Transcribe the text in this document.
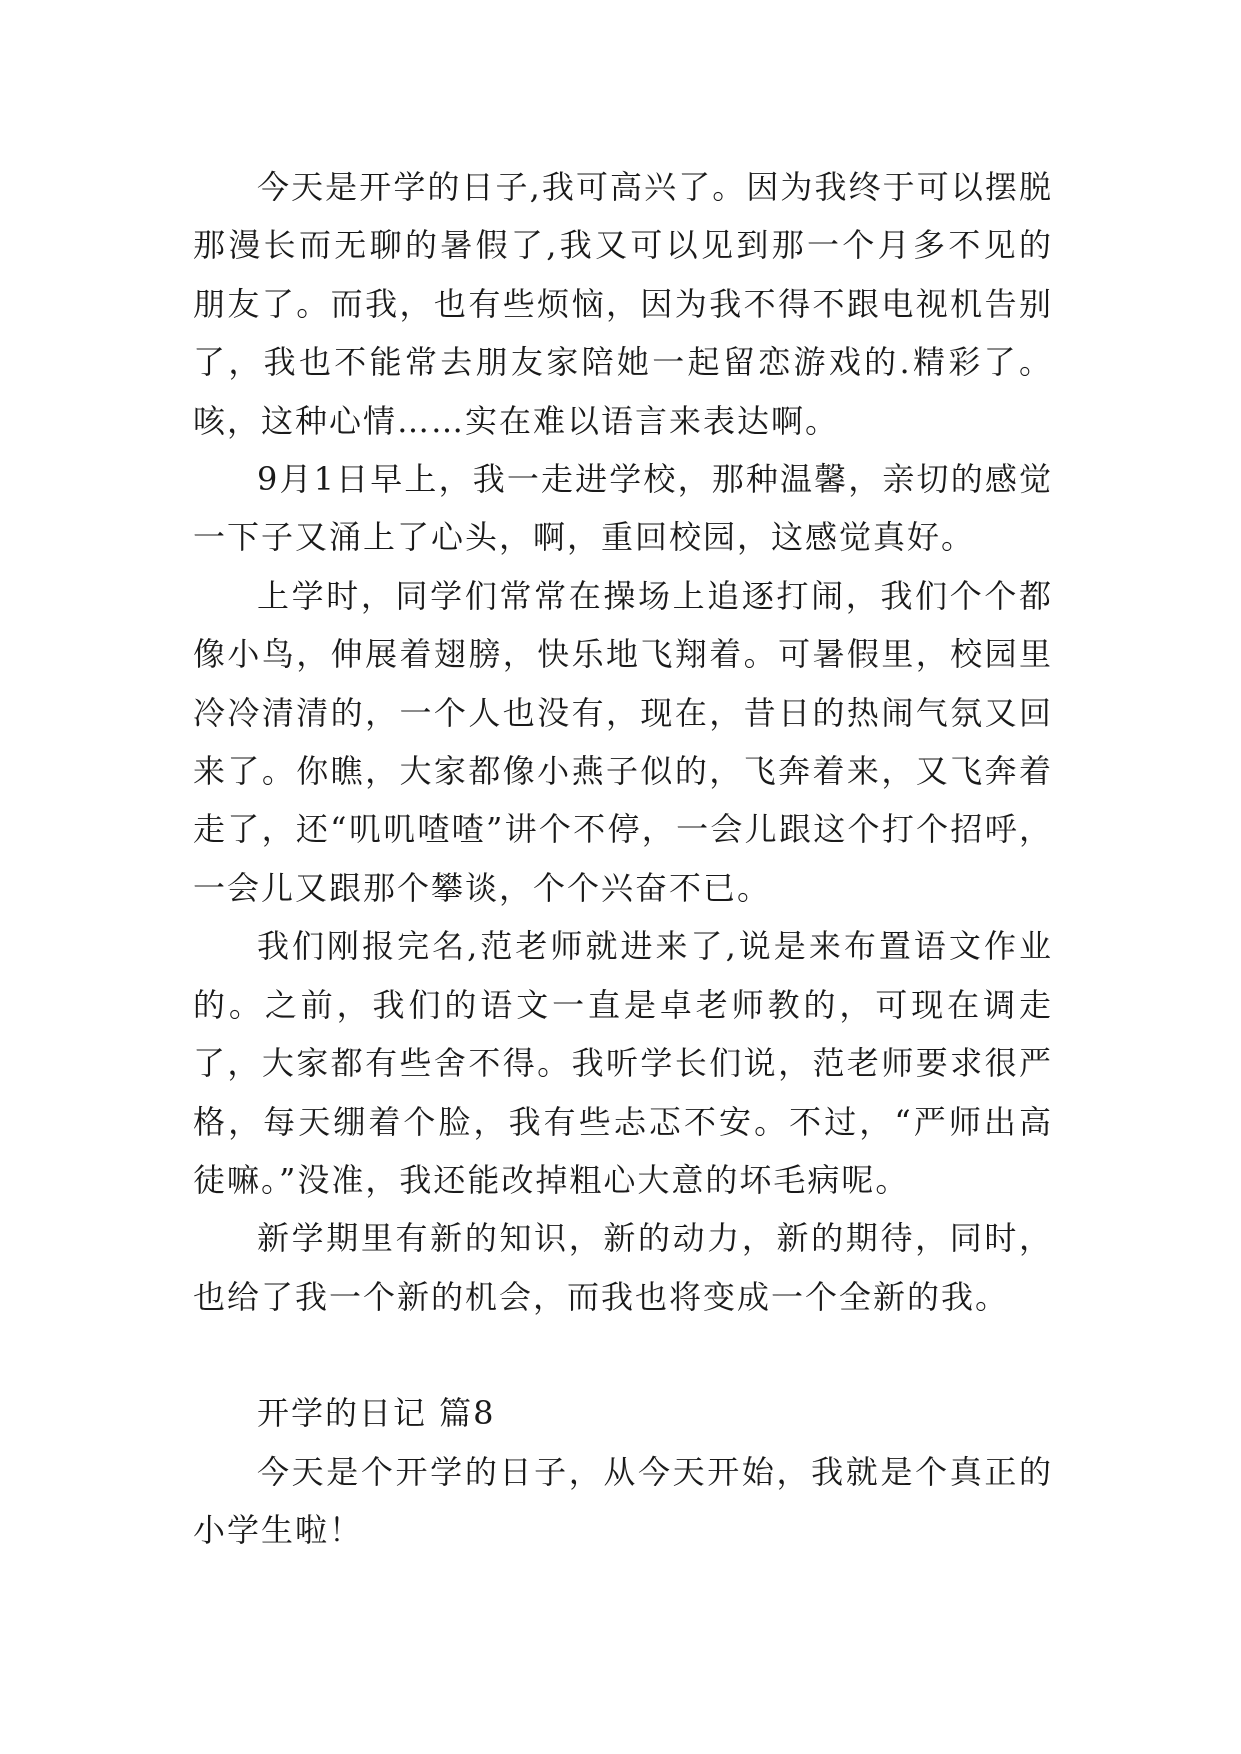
今天是开学的日子,我可高兴了。因为我终于可以摆脱那漫长而无聊的暑假了,我又可以见到那一个月多不见的朋友了。而我，也有些烦恼，因为我不得不跟电视机告别了，我也不能常去朋友家陪她一起留恋游戏的.精彩了。咳，这种心情……实在难以语言来表达啊。

9月1日早上，我一走进学校，那种温馨，亲切的感觉一下子又涌上了心头，啊，重回校园，这感觉真好。

上学时，同学们常常在操场上追逐打闹，我们个个都像小鸟，伸展着翅膀，快乐地飞翔着。可暑假里，校园里冷冷清清的，一个人也没有，现在，昔日的热闹气氛又回来了。你瞧，大家都像小燕子似的，飞奔着来，又飞奔着走了，还“叽叽喳喳”讲个不停，一会儿跟这个打个招呼，一会儿又跟那个攀谈，个个兴奋不已。

我们刚报完名,范老师就进来了,说是来布置语文作业的。之前，我们的语文一直是卓老师教的，可现在调走了，大家都有些舍不得。我听学长们说，范老师要求很严格，每天绷着个脸，我有些忐忑不安。不过，“严师出高徒嘛。”没准，我还能改掉粗心大意的坏毛病呢。

新学期里有新的知识，新的动力，新的期待，同时，也给了我一个新的机会，而我也将变成一个全新的我。

开学的日记 篇8

今天是个开学的日子，从今天开始，我就是个真正的小学生啦！
